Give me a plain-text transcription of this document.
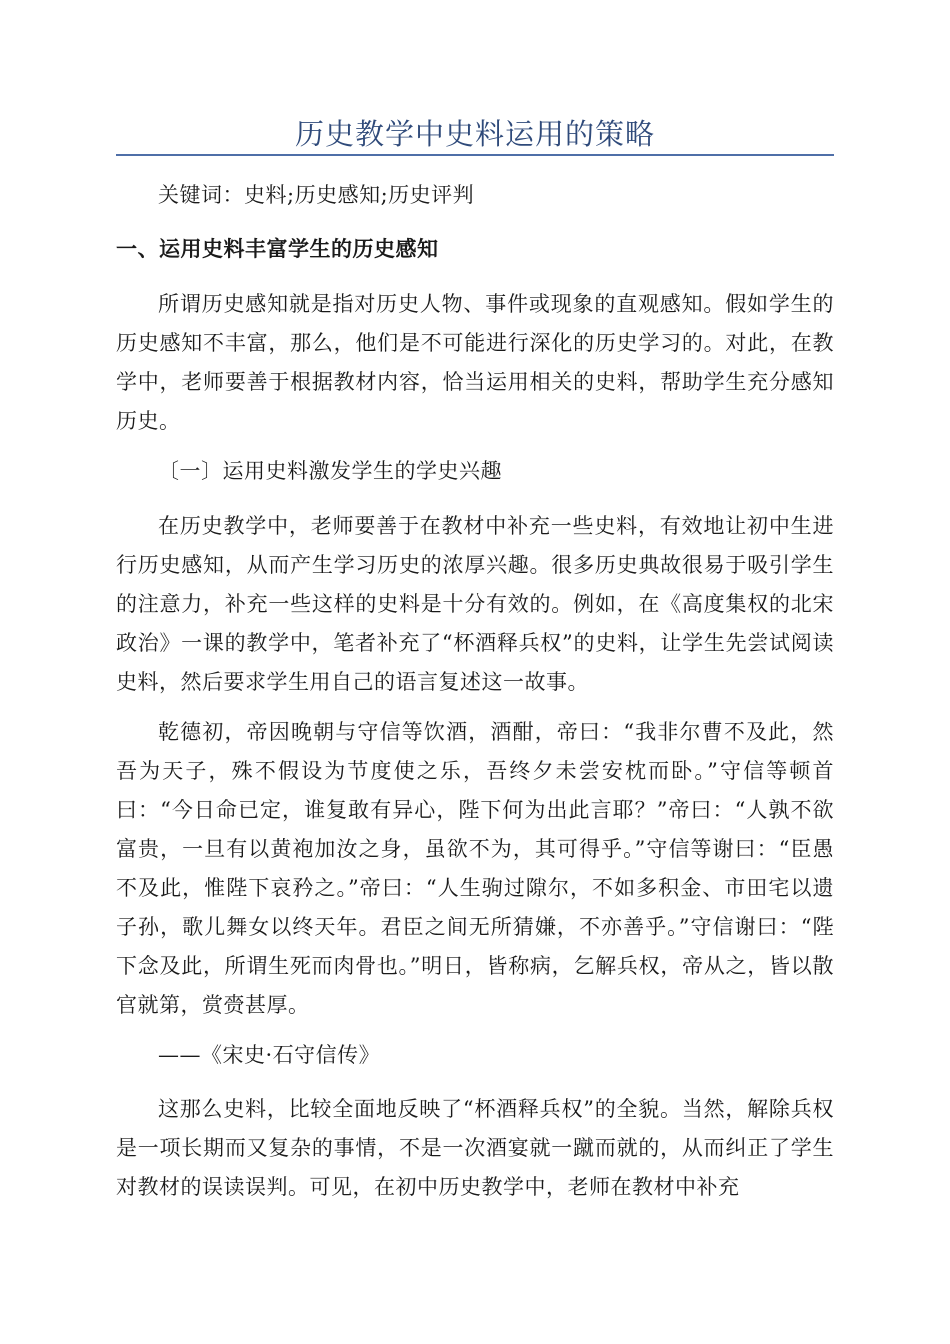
历史教学中史料运用的策略
关键词：史料;历史感知;历史评判
一、运用史料丰富学生的历史感知
所谓历史感知就是指对历史人物、事件或现象的直观感知。假如学生的历史感知不丰富，那么，他们是不可能进行深化的历史学习的。对此，在教学中，老师要善于根据教材内容，恰当运用相关的史料，帮助学生充分感知历史。
〔一〕运用史料激发学生的学史兴趣
在历史教学中，老师要善于在教材中补充一些史料，有效地让初中生进行历史感知，从而产生学习历史的浓厚兴趣。很多历史典故很易于吸引学生的注意力，补充一些这样的史料是十分有效的。例如，在《高度集权的北宋政治》一课的教学中，笔者补充了“杯酒释兵权”的史料，让学生先尝试阅读史料，然后要求学生用自己的语言复述这一故事。
乾德初，帝因晚朝与守信等饮酒，酒酣，帝曰：“我非尔曹不及此，然吾为天子，殊不假设为节度使之乐，吾终夕未尝安枕而卧。”守信等顿首曰：“今日命已定，谁复敢有异心，陛下何为出此言耶？”帝曰：“人孰不欲富贵，一旦有以黄袍加汝之身，虽欲不为，其可得乎。”守信等谢曰：“臣愚不及此，惟陛下哀矜之。”帝曰：“人生驹过隙尔，不如多积金、市田宅以遗子孙，歌儿舞女以终天年。君臣之间无所猜嫌，不亦善乎。”守信谢曰：“陛下念及此，所谓生死而肉骨也。”明日，皆称病，乞解兵权，帝从之，皆以散官就第，赏赍甚厚。
——《宋史·石守信传》
这那么史料，比较全面地反映了“杯酒释兵权”的全貌。当然，解除兵权是一项长期而又复杂的事情，不是一次酒宴就一蹴而就的，从而纠正了学生对教材的误读误判。可见，在初中历史教学中，老师在教材中补充
